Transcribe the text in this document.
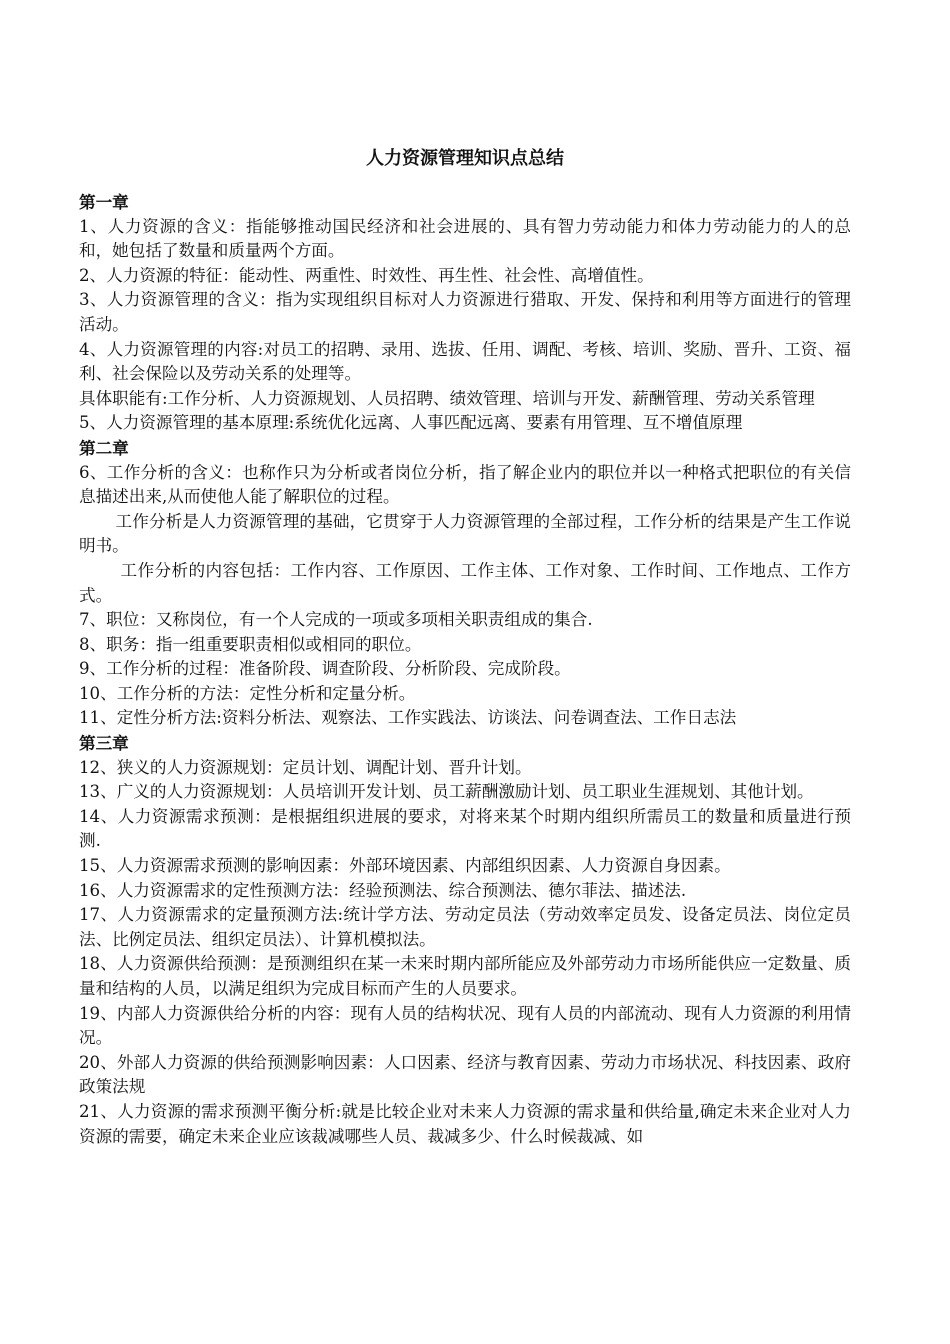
人力资源管理知识点总结

第一章

1、人力资源的含义：指能够推动国民经济和社会进展的、具有智力劳动能力和体力劳动能力的人的总和，她包括了数量和质量两个方面。

2、人力资源的特征：能动性、两重性、时效性、再生性、社会性、高增值性。

3、人力资源管理的含义：指为实现组织目标对人力资源进行猎取、开发、保持和利用等方面进行的管理活动。

4、人力资源管理的内容:对员工的招聘、录用、选拔、任用、调配、考核、培训、奖励、晋升、工资、福利、社会保险以及劳动关系的处理等。

具体职能有:工作分析、人力资源规划、人员招聘、绩效管理、培训与开发、薪酬管理、劳动关系管理

5、人力资源管理的基本原理:系统优化远离、人事匹配远离、要素有用管理、互不增值原理

第二章

6、工作分析的含义：也称作只为分析或者岗位分析，指了解企业内的职位并以一种格式把职位的有关信息描述出来,从而使他人能了解职位的过程。

工作分析是人力资源管理的基础，它贯穿于人力资源管理的全部过程，工作分析的结果是产生工作说明书。

工作分析的内容包括：工作内容、工作原因、工作主体、工作对象、工作时间、工作地点、工作方式。

7、职位：又称岗位，有一个人完成的一项或多项相关职责组成的集合.

8、职务：指一组重要职责相似或相同的职位。

9、工作分析的过程：准备阶段、调查阶段、分析阶段、完成阶段。

10、工作分析的方法：定性分析和定量分析。

11、定性分析方法:资料分析法、观察法、工作实践法、访谈法、问卷调查法、工作日志法

第三章

12、狭义的人力资源规划：定员计划、调配计划、晋升计划。

13、广义的人力资源规划：人员培训开发计划、员工薪酬激励计划、员工职业生涯规划、其他计划。

14、人力资源需求预测：是根据组织进展的要求，对将来某个时期内组织所需员工的数量和质量进行预测.

15、人力资源需求预测的影响因素：外部环境因素、内部组织因素、人力资源自身因素。

16、人力资源需求的定性预测方法：经验预测法、综合预测法、德尔菲法、描述法.

17、人力资源需求的定量预测方法:统计学方法、劳动定员法（劳动效率定员发、设备定员法、岗位定员法、比例定员法、组织定员法）、计算机模拟法。

18、人力资源供给预测：是预测组织在某一未来时期内部所能应及外部劳动力市场所能供应一定数量、质量和结构的人员，以满足组织为完成目标而产生的人员要求。

19、内部人力资源供给分析的内容：现有人员的结构状况、现有人员的内部流动、现有人力资源的利用情况。

20、外部人力资源的供给预测影响因素：人口因素、经济与教育因素、劳动力市场状况、科技因素、政府政策法规

21、人力资源的需求预测平衡分析:就是比较企业对未来人力资源的需求量和供给量,确定未来企业对人力资源的需要，确定未来企业应该裁减哪些人员、裁减多少、什么时候裁减、如
